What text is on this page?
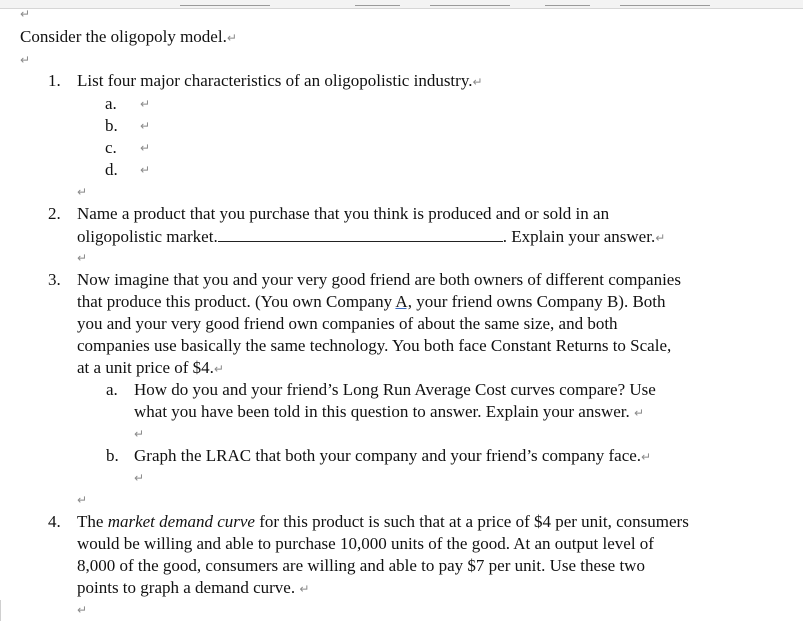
↵
Consider the oligopoly model.↵
↵
1. List four major characteristics of an oligopolistic industry.↵
a. ↵
b. ↵
c. ↵
d. ↵
↵
2. Name a product that you purchase that you think is produced and or sold in an
oligopolistic market.	. Explain your answer.↵
↵
3. Now imagine that you and your very good friend are both owners of different companies
that produce this product. (You own Company A, your friend owns Company B). Both
you and your very good friend own companies of about the same size, and both
companies use basically the same technology. You both face Constant Returns to Scale,
at a unit price of $4.↵
a. How do you and your friend’s Long Run Average Cost curves compare? Use
what you have been told in this question to answer. Explain your answer. ↵
↵
b. Graph the LRAC that both your company and your friend’s company face.↵
↵
↵
4. The market demand curve for this product is such that at a price of $4 per unit, consumers
would be willing and able to purchase 10,000 units of the good. At an output level of
8,000 of the good, consumers are willing and able to pay $7 per unit. Use these two
points to graph a demand curve. ↵
↵
